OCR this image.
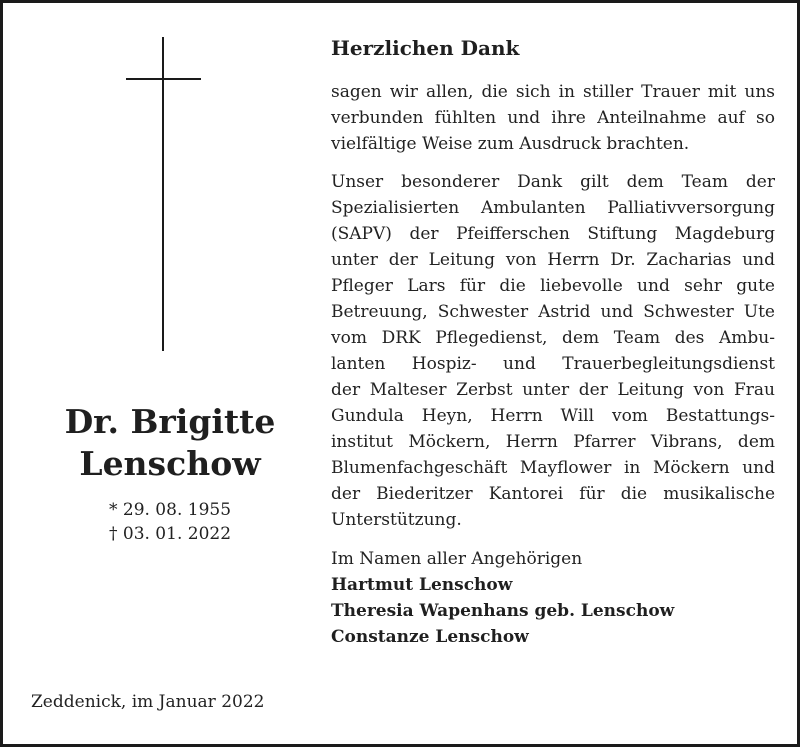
Dr. Brigitte
Lenschow
* 29. 08. 1955
† 03. 01. 2022
Zeddenick, im Januar 2022
Herzlichen Dank
sagen wir allen, die sich in stiller Trauer mit uns
verbunden fühlten und ihre Anteilnahme auf so
vielfältige Weise zum Ausdruck brachten.
Unser besonderer Dank gilt dem Team der
Spezialisierten Ambulanten Palliativversorgung
(SAPV) der Pfeifferschen Stiftung Magdeburg
unter der Leitung von Herrn Dr. Zacharias und
Pfleger Lars für die liebevolle und sehr gute
Betreuung, Schwester Astrid und Schwester Ute
vom DRK Pflegedienst, dem Team des Ambu-
lanten Hospiz- und Trauerbegleitungsdienst
der Malteser Zerbst unter der Leitung von Frau
Gundula Heyn, Herrn Will vom Bestattungs-
institut Möckern, Herrn Pfarrer Vibrans, dem
Blumenfachgeschäft Mayflower in Möckern und
der Biederitzer Kantorei für die musikalische
Unterstützung.
Im Namen aller Angehörigen
Hartmut Lenschow
Theresia Wapenhans geb. Lenschow
Constanze Lenschow
